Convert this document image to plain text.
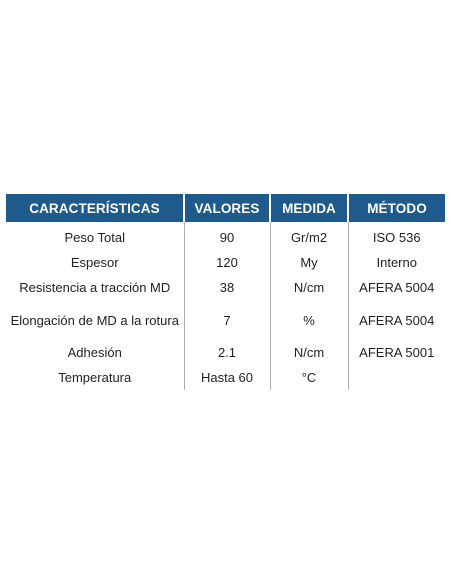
CARACTERÍSTICAS	VALORES	MEDIDA	MÉTODO
Peso Total	90	Gr/m2	ISO 536
Espesor	120	My	Interno
Resistencia a tracción MD	38	N/cm	AFERA 5004
Elongación de MD a la rotura	7	%	AFERA 5004
Adhesión	2.1	N/cm	AFERA 5001
Temperatura	Hasta 60	°C	
